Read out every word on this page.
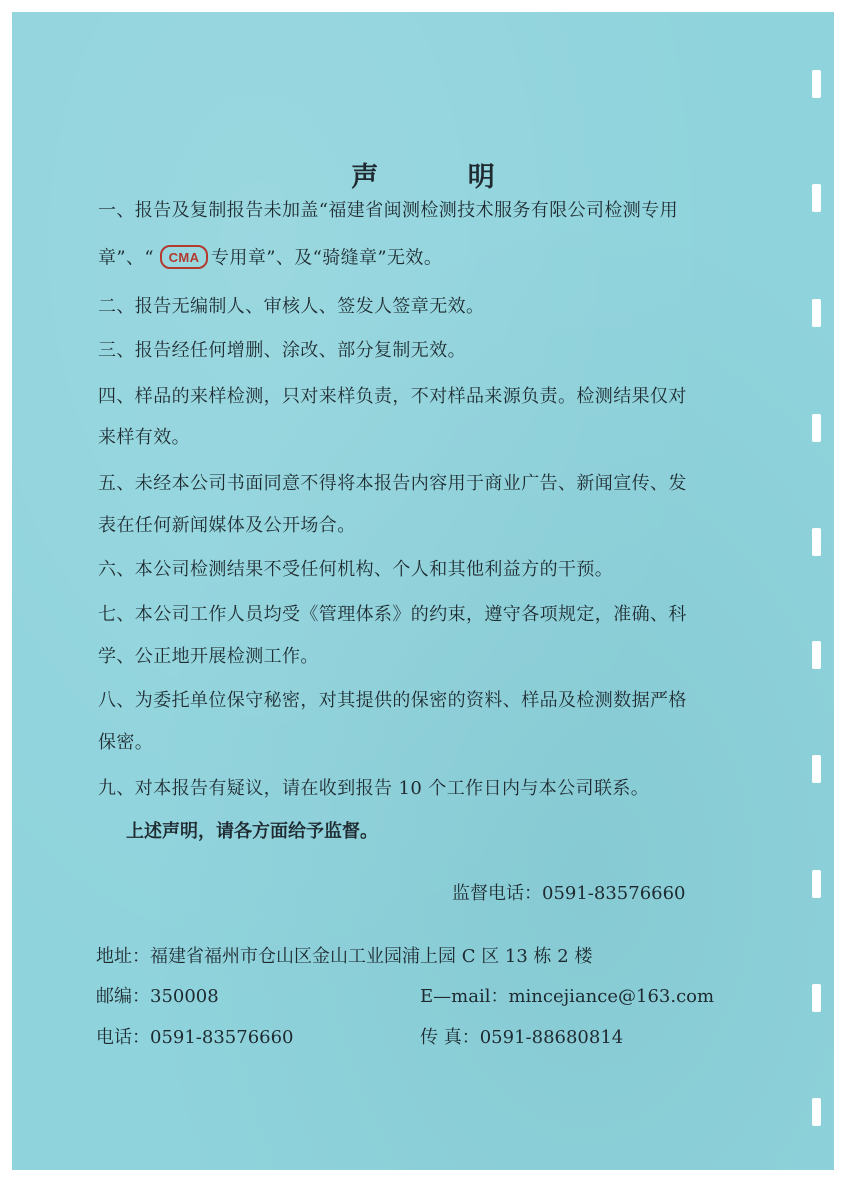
声 明

一、报告及复制报告未加盖“福建省闽测检测技术服务有限公司检测专用

章”、“ CMA 专用章”、及“骑缝章”无效。

二、报告无编制人、审核人、签发人签章无效。

三、报告经任何增删、涂改、部分复制无效。

四、样品的来样检测，只对来样负责，不对样品来源负责。检测结果仅对

来样有效。

五、未经本公司书面同意不得将本报告内容用于商业广告、新闻宣传、发

表在任何新闻媒体及公开场合。

六、本公司检测结果不受任何机构、个人和其他利益方的干预。

七、本公司工作人员均受《管理体系》的约束，遵守各项规定，准确、科

学、公正地开展检测工作。

八、为委托单位保守秘密，对其提供的保密的资料、样品及检测数据严格

保密。

九、对本报告有疑议，请在收到报告 10 个工作日内与本公司联系。

上述声明，请各方面给予监督。

监督电话：0591-83576660

地址：福建省福州市仓山区金山工业园浦上园 C 区 13 栋 2 楼

邮编：350008	E—mail：mincejiance@163.com

电话：0591-83576660	传 真：0591-88680814
